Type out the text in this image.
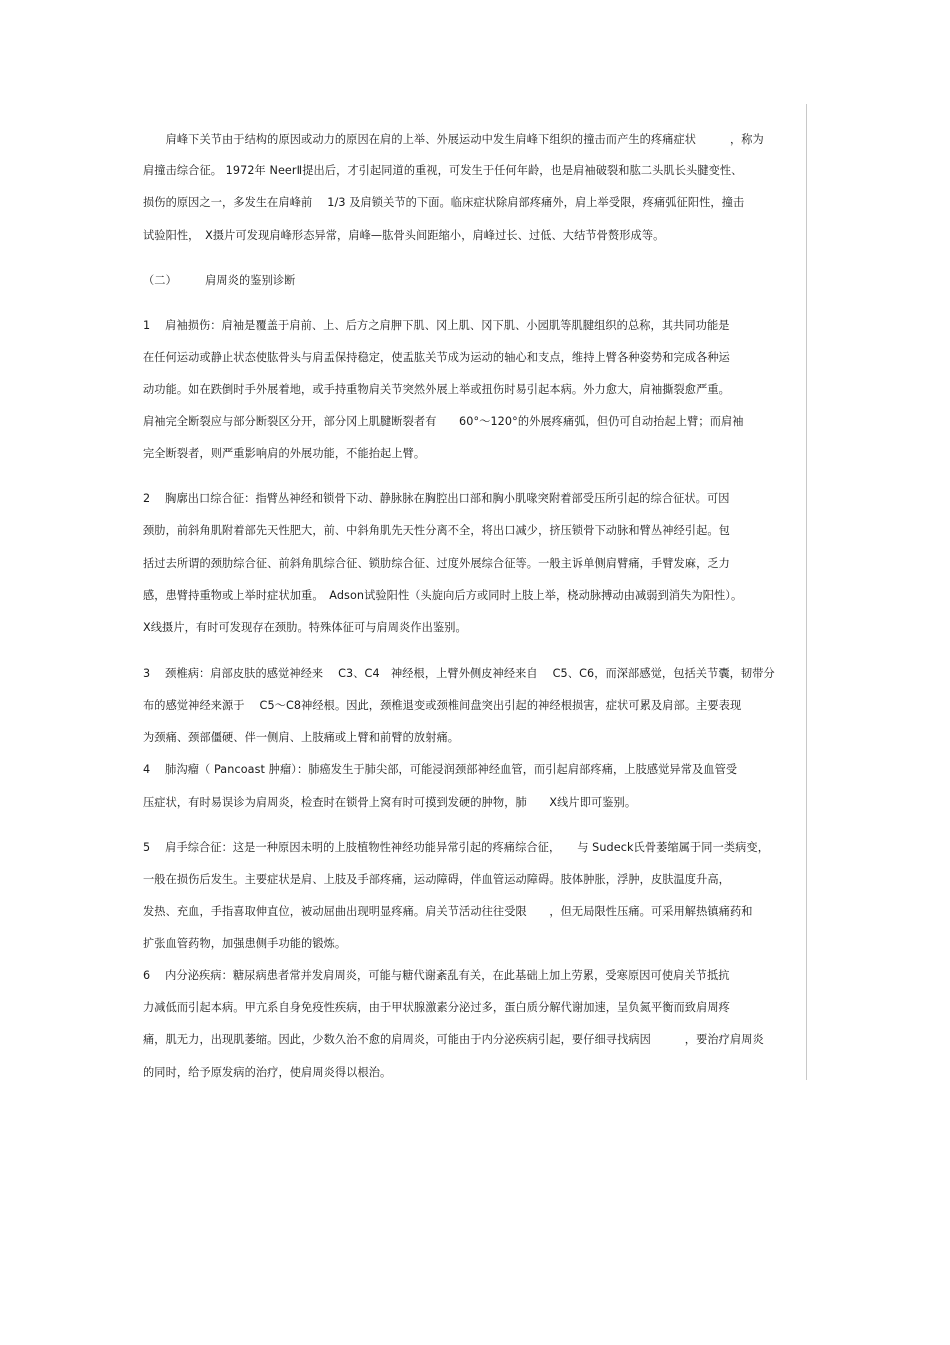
　　肩峰下关节由于结构的原因或动力的原因在肩的上举、外展运动中发生肩峰下组织的撞击而产生的疼痛症状　　　，称为
肩撞击综合征。 1972年 NeerⅡ提出后，才引起同道的重视，可发生于任何年龄，也是肩袖破裂和肱二头肌长头腱变性、
损伤的原因之一，多发生在肩峰前　 1/3 及肩锁关节的下面。临床症状除肩部疼痛外，肩上举受限，疼痛弧征阳性，撞击
试验阳性，　X摄片可发现肩峰形态异常，肩峰—肱骨头间距缩小，肩峰过长、过低、大结节骨赘形成等。
（二）　　　肩周炎的鉴别诊断
1　 肩袖损伤：肩袖是覆盖于肩前、上、后方之肩胛下肌、冈上肌、冈下肌、小园肌等肌腱组织的总称，其共同功能是
在任何运动或静止状态使肱骨头与肩盂保持稳定，使盂肱关节成为运动的轴心和支点，维持上臂各种姿势和完成各种运
动功能。如在跌倒时手外展着地，或手持重物肩关节突然外展上举或扭伤时易引起本病。外力愈大，肩袖撕裂愈严重。
肩袖完全断裂应与部分断裂区分开，部分冈上肌腱断裂者有　　60°～120°的外展疼痛弧，但仍可自动抬起上臂；而肩袖
完全断裂者，则严重影响肩的外展功能，不能抬起上臂。
2　 胸廓出口综合征：指臂丛神经和锁骨下动、静脉脉在胸腔出口部和胸小肌喙突附着部受压所引起的综合征状。可因
颈肋，前斜角肌附着部先天性肥大，前、中斜角肌先天性分离不全，将出口减少，挤压锁骨下动脉和臂丛神经引起。包
括过去所谓的颈肋综合征、前斜角肌综合征、锁肋综合征、过度外展综合征等。一般主诉单侧肩臂痛，手臂发麻，乏力
感，患臂持重物或上举时症状加重。　Adson试验阳性（头旋向后方或同时上肢上举，桡动脉搏动由减弱到消失为阳性）。
X线摄片，有时可发现存在颈肋。特殊体征可与肩周炎作出鉴别。
3　 颈椎病：肩部皮肤的感觉神经来　 C3、C4　神经根，上臂外侧皮神经来自　 C5、C6，而深部感觉，包括关节囊，韧带分
布的感觉神经来源于　 C5～C8神经根。因此，颈椎退变或颈椎间盘突出引起的神经根损害，症状可累及肩部。主要表现
为颈痛、颈部僵硬、伴一侧肩、上肢痛或上臂和前臂的放射痛。
4　 肺沟瘤（ Pancoast 肿瘤）：肺癌发生于肺尖部，可能浸润颈部神经血管，而引起肩部疼痛，上肢感觉异常及血管受
压症状，有时易误诊为肩周炎，检查时在锁骨上窝有时可摸到发硬的肿物，肺　　X线片即可鉴别。
5　 肩手综合征：这是一种原因未明的上肢植物性神经功能异常引起的疼痛综合征，　　与 Sudeck氏骨萎缩属于同一类病变，
一般在损伤后发生。主要症状是肩、上肢及手部疼痛，运动障碍，伴血管运动障碍。肢体肿胀，浮肿，皮肤温度升高，
发热、充血，手指喜取伸直位，被动屈曲出现明显疼痛。肩关节活动往往受限　　，但无局限性压痛。可采用解热镇痛药和
扩张血管药物，加强患侧手功能的锻炼。
6　 内分泌疾病：糖尿病患者常并发肩周炎，可能与糖代谢紊乱有关，在此基础上加上劳累，受寒原因可使肩关节抵抗
力减低而引起本病。甲亢系自身免疫性疾病，由于甲状腺激素分泌过多，蛋白质分解代谢加速，呈负氮平衡而致肩周疼
痛，肌无力，出现肌萎缩。因此，少数久治不愈的肩周炎，可能由于内分泌疾病引起，要仔细寻找病因　　　，要治疗肩周炎
的同时，给予原发病的治疗，使肩周炎得以根治。
